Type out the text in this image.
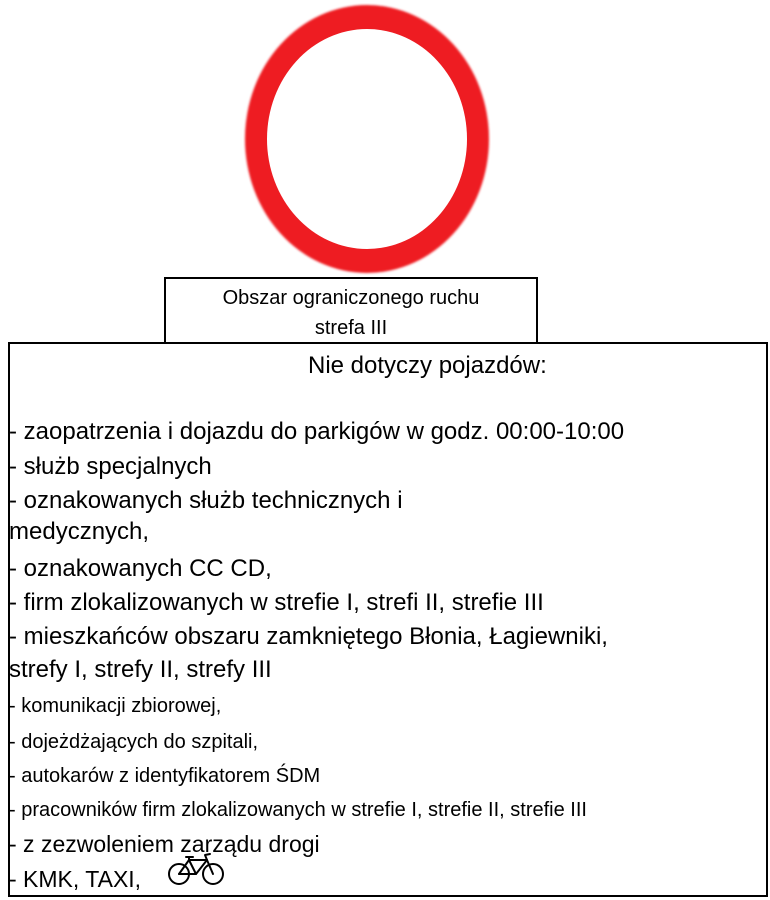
Obszar ograniczonego ruchu
strefa III
Nie dotyczy pojazdów:
- zaopatrzenia i dojazdu do parkigów w godz. 00:00-10:00
- służb specjalnych
- oznakowanych służb technicznych i
medycznych,
- oznakowanych CC CD,
- firm zlokalizowanych w strefie I, strefi II, strefie III
- mieszkańców obszaru zamkniętego Błonia, Łagiewniki,
strefy I, strefy II, strefy III
- komunikacji zbiorowej,
- dojeżdżających do szpitali,
- autokarów z identyfikatorem ŚDM
- pracowników firm zlokalizowanych w strefie I, strefie II, strefie III
- z zezwoleniem zarządu drogi
- KMK, TAXI,
